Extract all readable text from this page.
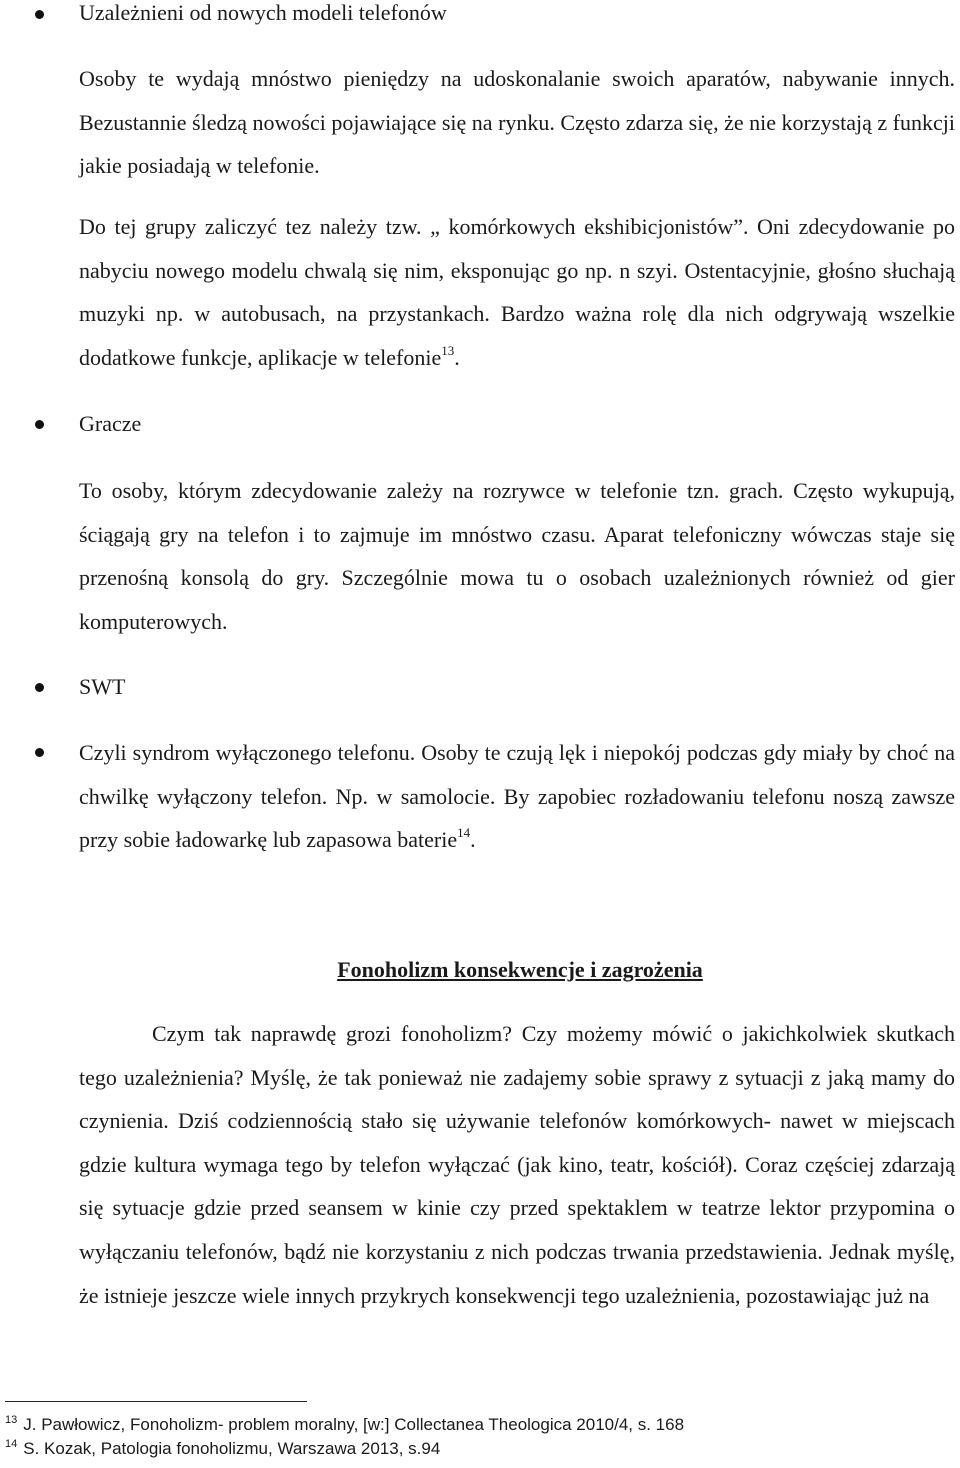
Uzależnieni od nowych modeli telefonów

Osoby te wydają mnóstwo pieniędzy na udoskonalanie swoich aparatów, nabywanie innych. Bezustannie śledzą nowości pojawiające się na rynku. Często zdarza się, że nie korzystają z funkcji jakie posiadają w telefonie.

Do tej grupy zaliczyć tez należy tzw. „ komórkowych ekshibicjonistów”. Oni zdecydowanie po nabyciu nowego modelu chwalą się nim, eksponując go np. n szyi. Ostentacyjnie, głośno słuchają muzyki np. w autobusach, na przystankach. Bardzo ważna rolę dla nich odgrywają wszelkie dodatkowe funkcje, aplikacje w telefonie$^{13}$.

Gracze

To osoby, którym zdecydowanie zależy na rozrywce w telefonie tzn. grach. Często wykupują, ściągają gry na telefon i to zajmuje im mnóstwo czasu. Aparat telefoniczny wówczas staje się przenośną konsolą do gry. Szczególnie mowa tu o osobach uzależnionych również od gier komputerowych.

SWT

Czyli syndrom wyłączonego telefonu. Osoby te czują lęk i niepokój podczas gdy miały by choć na chwilkę wyłączony telefon. Np. w samolocie. By zapobiec rozładowaniu telefonu noszą zawsze przy sobie ładowarkę lub zapasowa baterie$^{14}$.

Fonoholizm konsekwencje i zagrożenia

Czym tak naprawdę grozi fonoholizm? Czy możemy mówić o jakichkolwiek skutkach tego uzależnienia? Myślę, że tak ponieważ nie zadajemy sobie sprawy z sytuacji z jaką mamy do czynienia. Dziś codziennością stało się używanie telefonów komórkowych- nawet w miejscach gdzie kultura wymaga tego by telefon wyłączać (jak kino, teatr, kościół). Coraz częściej zdarzają się sytuacje gdzie przed seansem w kinie czy przed spektaklem w teatrze lektor przypomina o wyłączaniu telefonów, bądź nie korzystaniu z nich podczas trwania przedstawienia. Jednak myślę, że istnieje jeszcze wiele innych przykrych konsekwencji tego uzależnienia, pozostawiając już na

$^{13}$ J. Pawłowicz, Fonoholizm- problem moralny, [w:] Collectanea Theologica 2010/4, s. 168

$^{14}$ S. Kozak, Patologia fonoholizmu, Warszawa 2013, s.94
